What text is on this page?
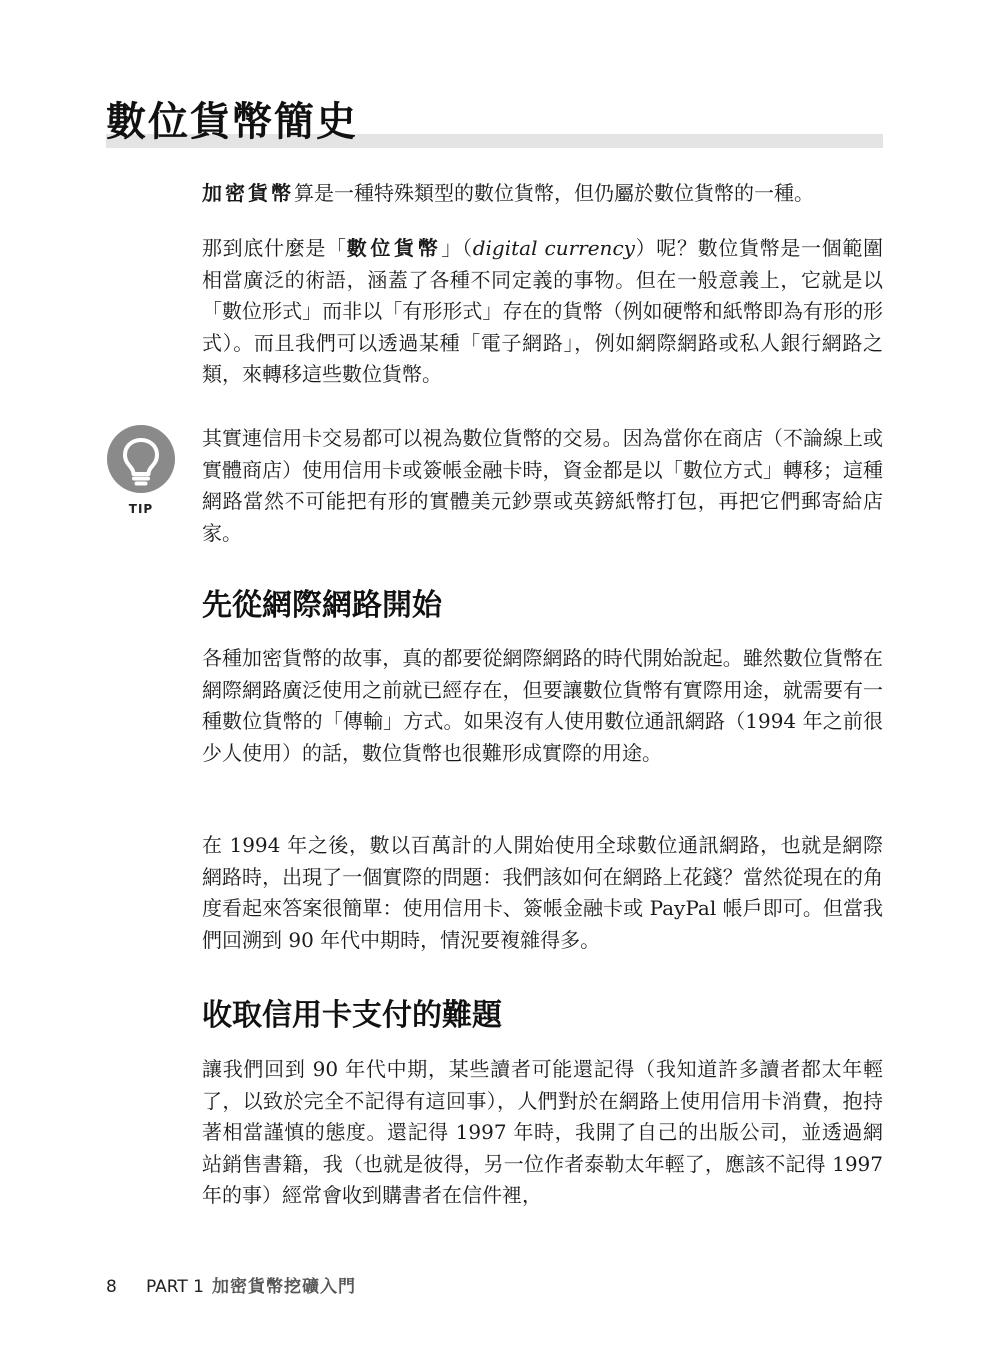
數位貨幣簡史

加密貨幣算是一種特殊類型的數位貨幣，但仍屬於數位貨幣的一種。

那到底什麼是「數位貨幣」（digital currency）呢？數位貨幣是一個範圍相當廣泛的術語，涵蓋了各種不同定義的事物。但在一般意義上，它就是以「數位形式」而非以「有形形式」存在的貨幣（例如硬幣和紙幣即為有形的形式）。而且我們可以透過某種「電子網路」，例如網際網路或私人銀行網路之類，來轉移這些數位貨幣。

TIP

其實連信用卡交易都可以視為數位貨幣的交易。因為當你在商店（不論線上或實體商店）使用信用卡或簽帳金融卡時，資金都是以「數位方式」轉移；這種網路當然不可能把有形的實體美元鈔票或英鎊紙幣打包，再把它們郵寄給店家。

先從網際網路開始

各種加密貨幣的故事，真的都要從網際網路的時代開始說起。雖然數位貨幣在網際網路廣泛使用之前就已經存在，但要讓數位貨幣有實際用途，就需要有一種數位貨幣的「傳輸」方式。如果沒有人使用數位通訊網路（1994 年之前很少人使用）的話，數位貨幣也很難形成實際的用途。

在 1994 年之後，數以百萬計的人開始使用全球數位通訊網路，也就是網際網路時，出現了一個實際的問題：我們該如何在網路上花錢？當然從現在的角度看起來答案很簡單：使用信用卡、簽帳金融卡或 PayPal 帳戶即可。但當我們回溯到 90 年代中期時，情況要複雜得多。

收取信用卡支付的難題

讓我們回到 90 年代中期，某些讀者可能還記得（我知道許多讀者都太年輕了，以致於完全不記得有這回事），人們對於在網路上使用信用卡消費，抱持著相當謹慎的態度。還記得 1997 年時，我開了自己的出版公司，並透過網站銷售書籍，我（也就是彼得，另一位作者泰勒太年輕了，應該不記得 1997 年的事）經常會收到購書者在信件裡，

8 PART 1 加密貨幣挖礦入門
